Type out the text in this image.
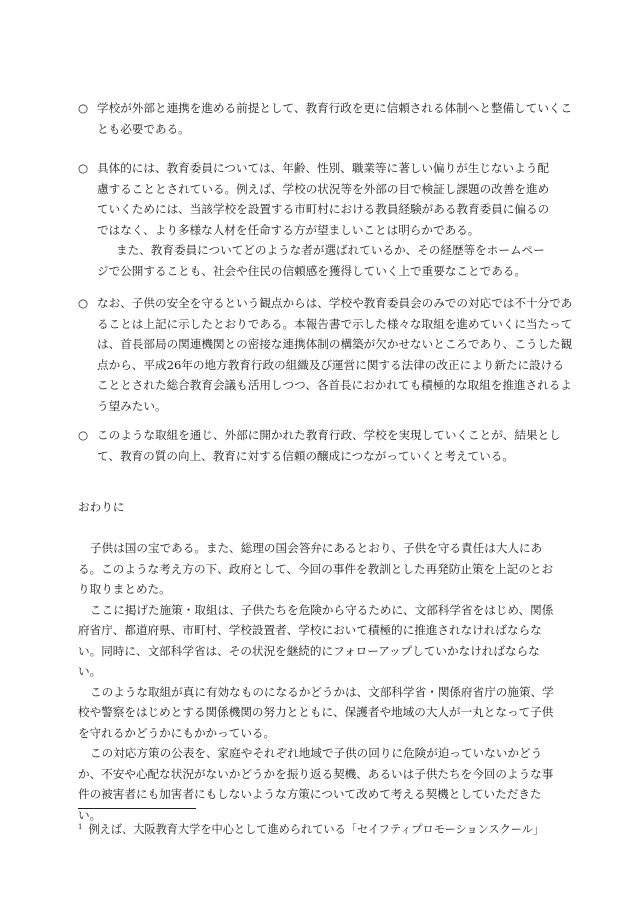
○ 学校が外部と連携を進める前提として、教育行政を更に信頼される体制へと整備していくことも必要である。
○ 具体的には、教育委員については、年齢、性別、職業等に著しい偏りが生じないよう配慮することとされている。例えば、学校の状況等を外部の目で検証し課題の改善を進めていくためには、当該学校を設置する市町村における教員経験がある教育委員に偏るのではなく、より多様な人材を任命する方が望ましいことは明らかである。
また、教育委員についてどのような者が選ばれているか、その経歴等をホームページで公開することも、社会や住民の信頼感を獲得していく上で重要なことである。
○ なお、子供の安全を守るという観点からは、学校や教育委員会のみでの対応では不十分であることは上記に示したとおりである。本報告書で示した様々な取組を進めていくに当たっては、首長部局の関連機関との密接な連携体制の構築が欠かせないところであり、こうした観点から、平成26年の地方教育行政の組織及び運営に関する法律の改正により新たに設けることとされた総合教育会議も活用しつつ、各首長におかれても積極的な取組を推進されるよう望みたい。
○ このような取組を通じ、外部に開かれた教育行政、学校を実現していくことが、結果として、教育の質の向上、教育に対する信頼の醸成につながっていくと考えている。
おわりに
子供は国の宝である。また、総理の国会答弁にあるとおり、子供を守る責任は大人にある。このような考え方の下、政府として、今回の事件を教訓とした再発防止策を上記のとおり取りまとめた。
ここに掲げた施策・取組は、子供たちを危険から守るために、文部科学省をはじめ、関係府省庁、都道府県、市町村、学校設置者、学校において積極的に推進されなければならない。同時に、文部科学省は、その状況を継続的にフォローアップしていかなければならない。
このような取組が真に有効なものになるかどうかは、文部科学省・関係府省庁の施策、学校や警察をはじめとする関係機関の努力とともに、保護者や地域の大人が一丸となって子供を守れるかどうかにもかかっている。
この対応方策の公表を、家庭やそれぞれ地域で子供の回りに危険が迫っていないかどうか、不安や心配な状況がないかどうかを振り返る契機、あるいは子供たちを今回のような事件の被害者にも加害者にもしないような方策について改めて考える契機としていただきたい。
$^1$ 例えば、大阪教育大学を中心として進められている「セイフティプロモーションスクール」
